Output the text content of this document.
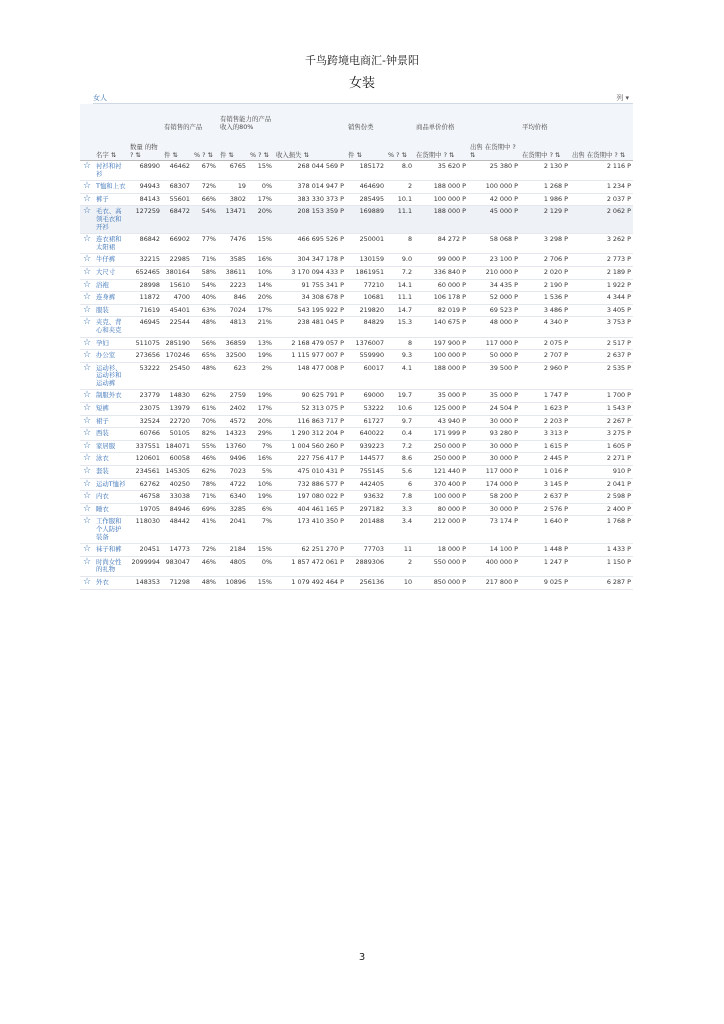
千鸟跨境电商汇-钟景阳
女装
女人	列 ▾
			有销售的产品		有销售能力的产品 收入的80%			销售份类		商品单价价格		平均价格	
	名字 ⇅	数量 的物 ? ⇅	件 ⇅	% ? ⇅	件 ⇅	% ? ⇅	收入损失 ⇅	件 ⇅	% ? ⇅	在货期中 ? ⇅	出售 在货期中 ? ⇅	在货期中 ? ⇅	出售 在货期中 ? ⇅
☆	衬衫和衬衫	68990	46462	67%	6765	15%	268 044 569 P	185172	8.0	35 620 P	25 380 P	2 130 P	2 116 P
☆	T恤和上衣	94943	68307	72%	19	0%	378 014 947 P	464690	2	188 000 P	100 000 P	1 268 P	1 234 P
☆	裤子	84143	55601	66%	3802	17%	383 330 373 P	285495	10.1	100 000 P	42 000 P	1 986 P	2 037 P
☆	毛衣、高领毛衣和开衫	127259	68472	54%	13471	20%	208 153 359 P	169889	11.1	188 000 P	45 000 P	2 129 P	2 062 P
☆	连衣裙和太阳裙	86842	66902	77%	7476	15%	466 695 526 P	250001	8	84 272 P	58 068 P	3 298 P	3 262 P
☆	牛仔裤	32215	22985	71%	3585	16%	304 347 178 P	130159	9.0	99 000 P	23 100 P	2 706 P	2 773 P
☆	大尺寸	652465	380164	58%	38611	10%	3 170 094 433 P	1861951	7.2	336 840 P	210 000 P	2 020 P	2 189 P
☆	浴袍	28998	15610	54%	2223	14%	91 755 341 P	77210	14.1	60 000 P	34 435 P	2 190 P	1 922 P
☆	连身裤	11872	4700	40%	846	20%	34 308 678 P	10681	11.1	106 178 P	52 000 P	1 536 P	4 344 P
☆	服装	71619	45401	63%	7024	17%	543 195 922 P	219820	14.7	82 019 P	69 523 P	3 486 P	3 405 P
☆	夹克、背心和夹克	46945	22544	48%	4813	21%	238 481 045 P	84829	15.3	140 675 P	48 000 P	4 340 P	3 753 P
☆	孕妇	511075	285190	56%	36859	13%	2 168 479 057 P	1376007	8	197 900 P	117 000 P	2 075 P	2 517 P
☆	办公室	273656	170246	65%	32500	19%	1 115 977 007 P	559990	9.3	100 000 P	50 000 P	2 707 P	2 637 P
☆	运动衫、运动衫和运动裤	53222	25450	48%	623	2%	148 477 008 P	60017	4.1	188 000 P	39 500 P	2 960 P	2 535 P
☆	制服外衣	23779	14830	62%	2759	19%	90 625 791 P	69000	19.7	35 000 P	35 000 P	1 747 P	1 700 P
☆	短裤	23075	13979	61%	2402	17%	52 313 075 P	53222	10.6	125 000 P	24 504 P	1 623 P	1 543 P
☆	裙子	32524	22720	70%	4572	20%	116 863 717 P	61727	9.7	43 940 P	30 000 P	2 203 P	2 267 P
☆	西装	60766	50105	82%	14323	29%	1 290 312 204 P	640022	0.4	171 999 P	93 280 P	3 313 P	3 275 P
☆	家居服	337551	184071	55%	13760	7%	1 004 560 260 P	939223	7.2	250 000 P	30 000 P	1 615 P	1 605 P
☆	泳衣	120601	60058	46%	9496	16%	227 756 417 P	144577	8.6	250 000 P	30 000 P	2 445 P	2 271 P
☆	套装	234561	145305	62%	7023	5%	475 010 431 P	755145	5.6	121 440 P	117 000 P	1 016 P	910 P
☆	运动T恤衫	62762	40250	78%	4722	10%	732 886 577 P	442405	6	370 400 P	174 000 P	3 145 P	2 041 P
☆	内衣	46758	33038	71%	6340	19%	197 080 022 P	93632	7.8	100 000 P	58 200 P	2 637 P	2 598 P
☆	睡衣	19705	84946	69%	3285	6%	404 461 165 P	297182	3.3	80 000 P	30 000 P	2 576 P	2 400 P
☆	工作服和个人防护装备	118030	48442	41%	2041	7%	173 410 350 P	201488	3.4	212 000 P	73 174 P	1 640 P	1 768 P
☆	袜子和裤	20451	14773	72%	2184	15%	62 251 270 P	77703	11	18 000 P	14 100 P	1 448 P	1 433 P
☆	时尚女性的礼物	2099994	983047	46%	4805	0%	1 857 472 061 P	2889306	2	550 000 P	400 000 P	1 247 P	1 150 P
☆	外衣	148353	71298	48%	10896	15%	1 079 492 464 P	256136	10	850 000 P	217 800 P	9 025 P	6 287 P
3
